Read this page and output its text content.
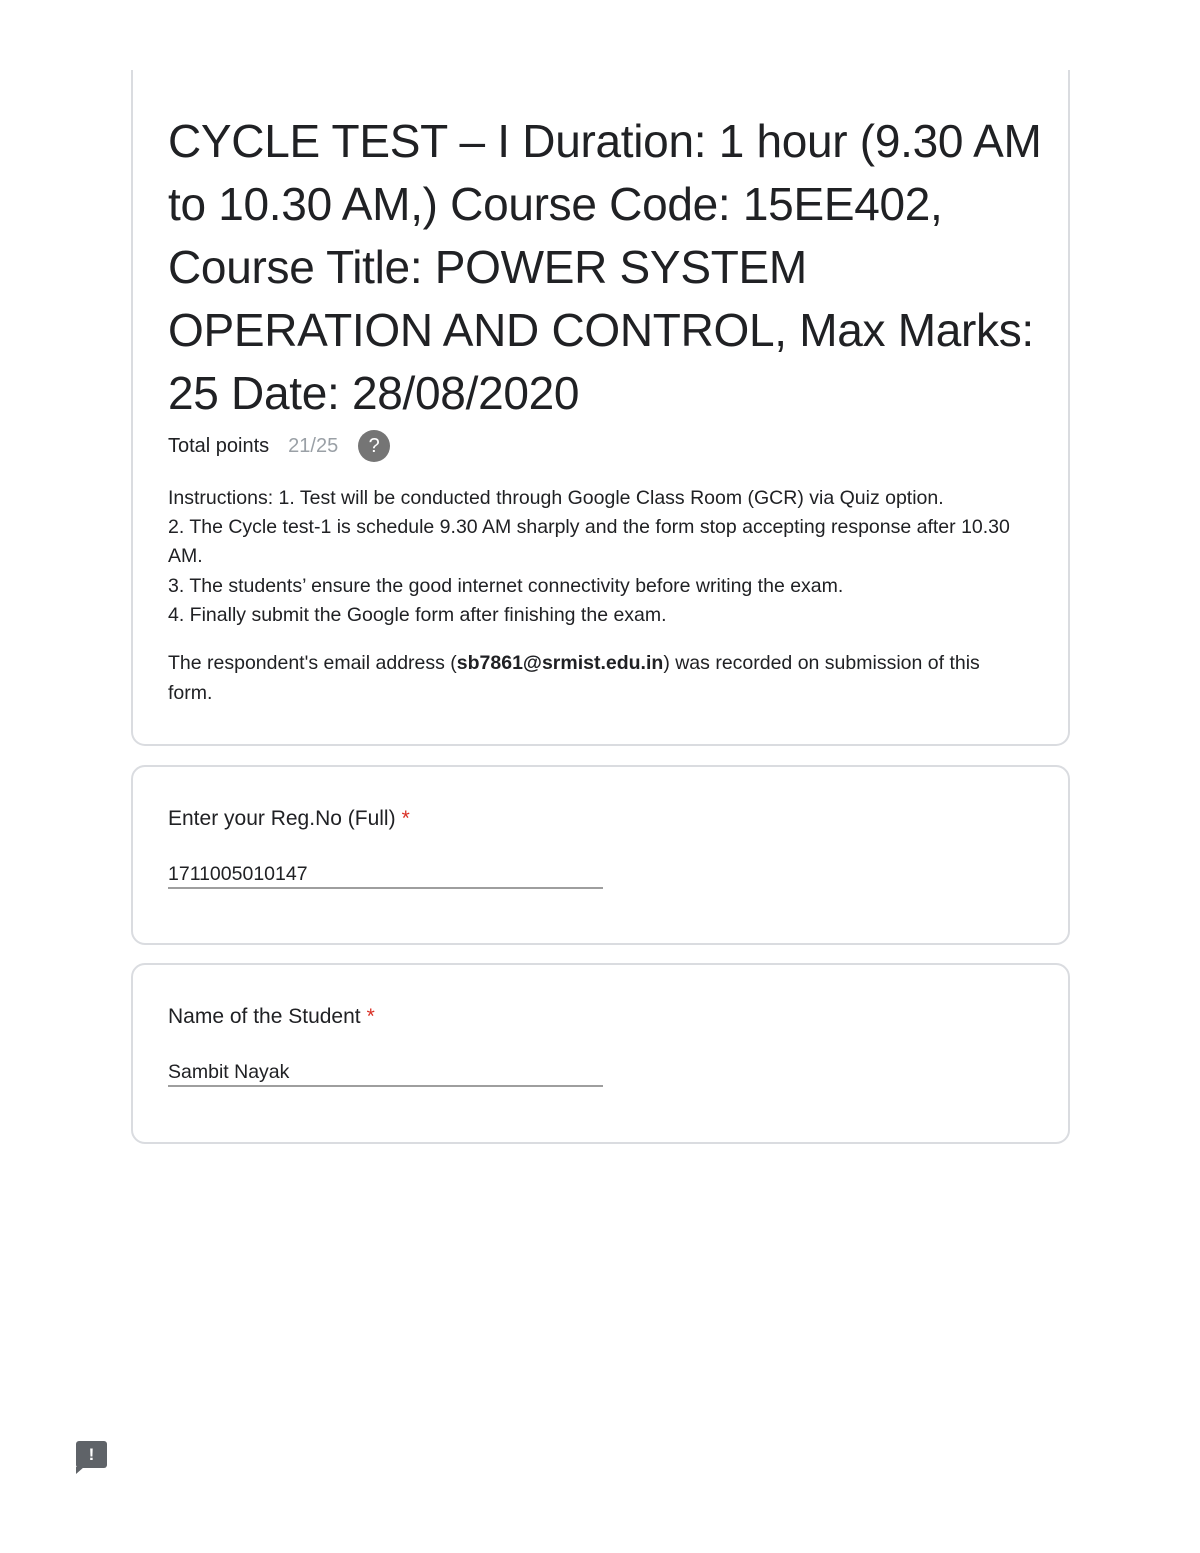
CYCLE TEST – I Duration: 1 hour (9.30 AM to 10.30 AM,) Course Code: 15EE402, Course Title: POWER SYSTEM OPERATION AND CONTROL, Max Marks: 25 Date: 28/08/2020
Total points 21/25	?
Instructions: 1. Test will be conducted through Google Class Room (GCR) via Quiz option.
2. The Cycle test-1 is schedule 9.30 AM sharply and the form stop accepting response after 10.30 AM.
3. The students’ ensure the good internet connectivity before writing the exam.
4. Finally submit the Google form after finishing the exam.
The respondent's email address (sb7861@srmist.edu.in) was recorded on submission of this form.
Enter your Reg.No (Full) *
1711005010147
Name of the Student *
Sambit Nayak
!
